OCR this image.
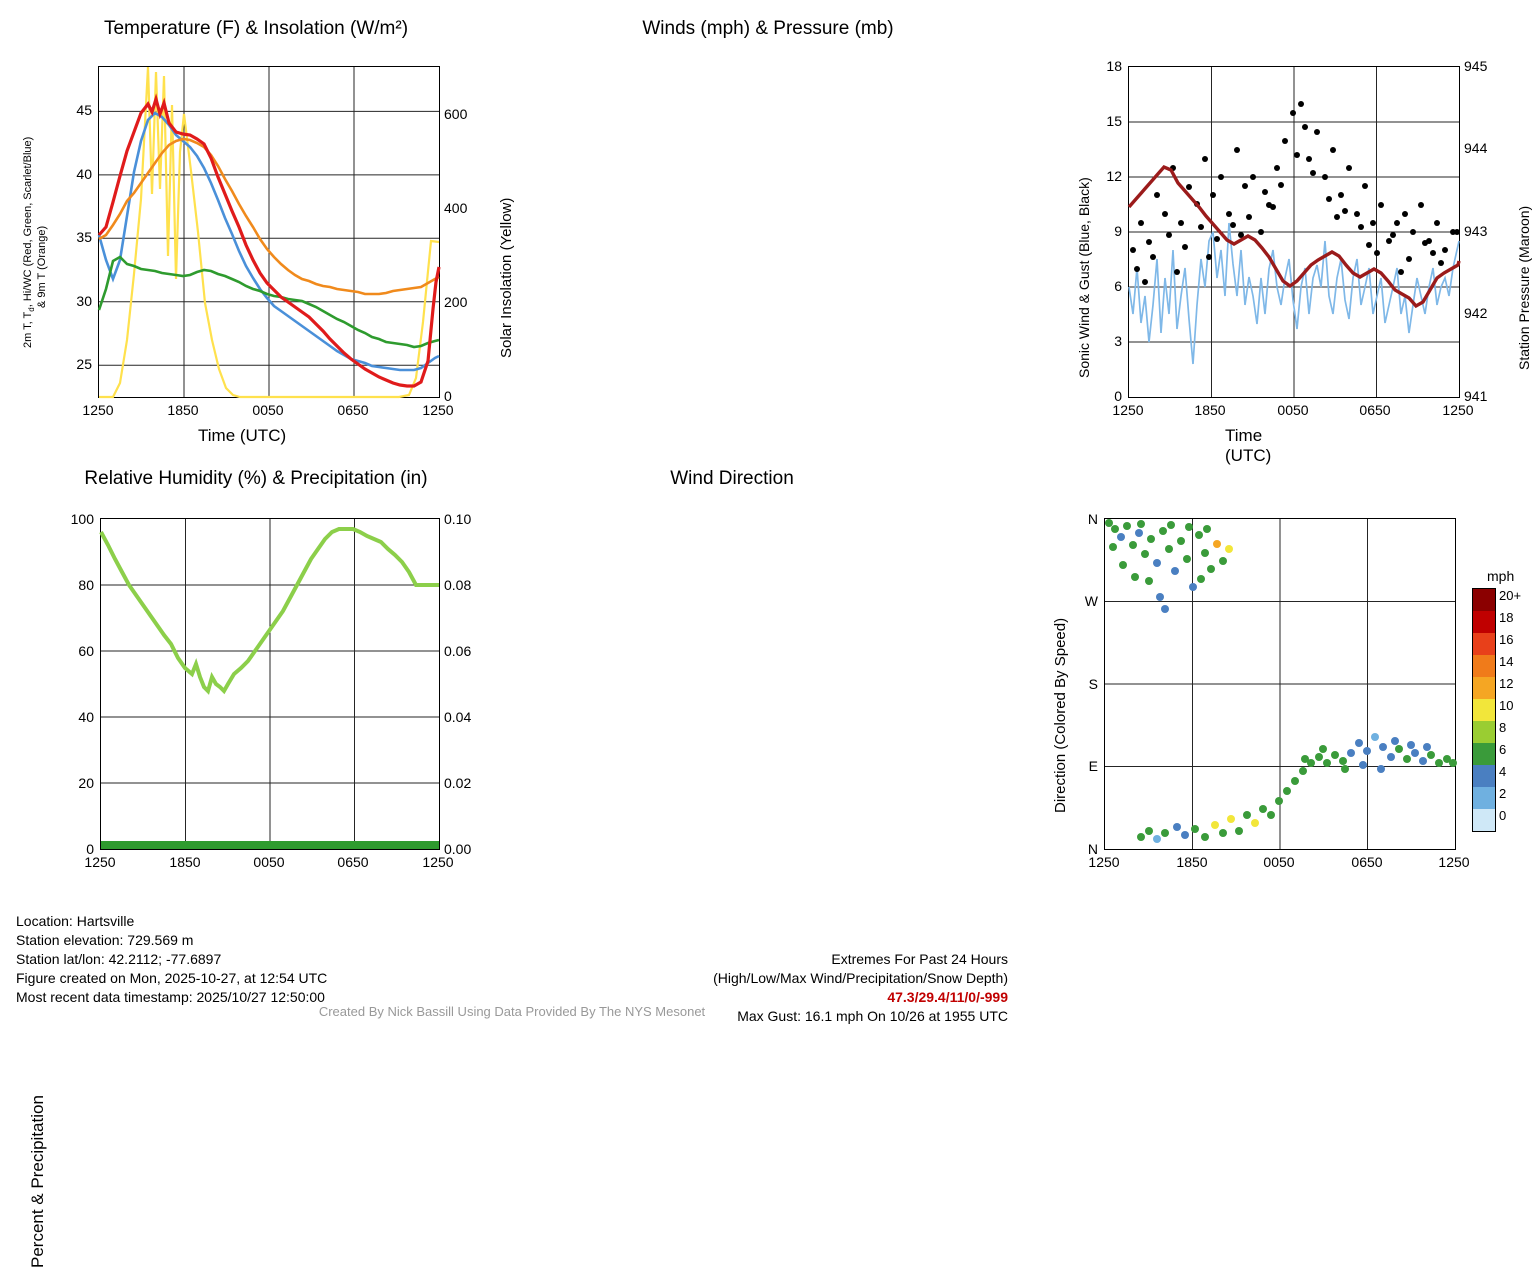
Temperature (F) & Insolation (W/m²)
2m T, $T_d$, Hi/WC (Red, Green, Scarlet/Blue) & 9m T (Orange)	Solar Insolation (Yellow)
25
30
35
40
45
0
200
400
600
1250	1850	0050	0650	1250
Time (UTC)
Winds (mph) & Pressure (mb)
Sonic Wind & Gust (Blue, Black)	Station Pressure (Maroon)
0
3
6
9
12
15
18
941
942
943
944
945
1250	1850	0050	0650	1250
Time (UTC)
Relative Humidity (%) & Precipitation (in)
Percent & Precipitation
0
20
40
60
80
100
0.00
0.02
0.04
0.06
0.08
0.10
1250	1850	0050	0650	1250
Wind Direction
Direction (Colored By Speed)
N
W
S
E
N
1250	1850	0050	0650	1250
mph
20+
18
16
14
12
10
8
6
4
2
0
Location: Hartsville
Station elevation: 729.569 m
Station lat/lon: 42.2112; -77.6897
Figure created on Mon, 2025-10-27, at 12:54 UTC
Most recent data timestamp: 2025/10/27 12:50:00
Extremes For Past 24 Hours
(High/Low/Max Wind/Precipitation/Snow Depth)
47.3/29.4/11/0/-999
Max Gust: 16.1 mph On 10/26 at 1955 UTC
Created By Nick Bassill Using Data Provided By The NYS Mesonet
